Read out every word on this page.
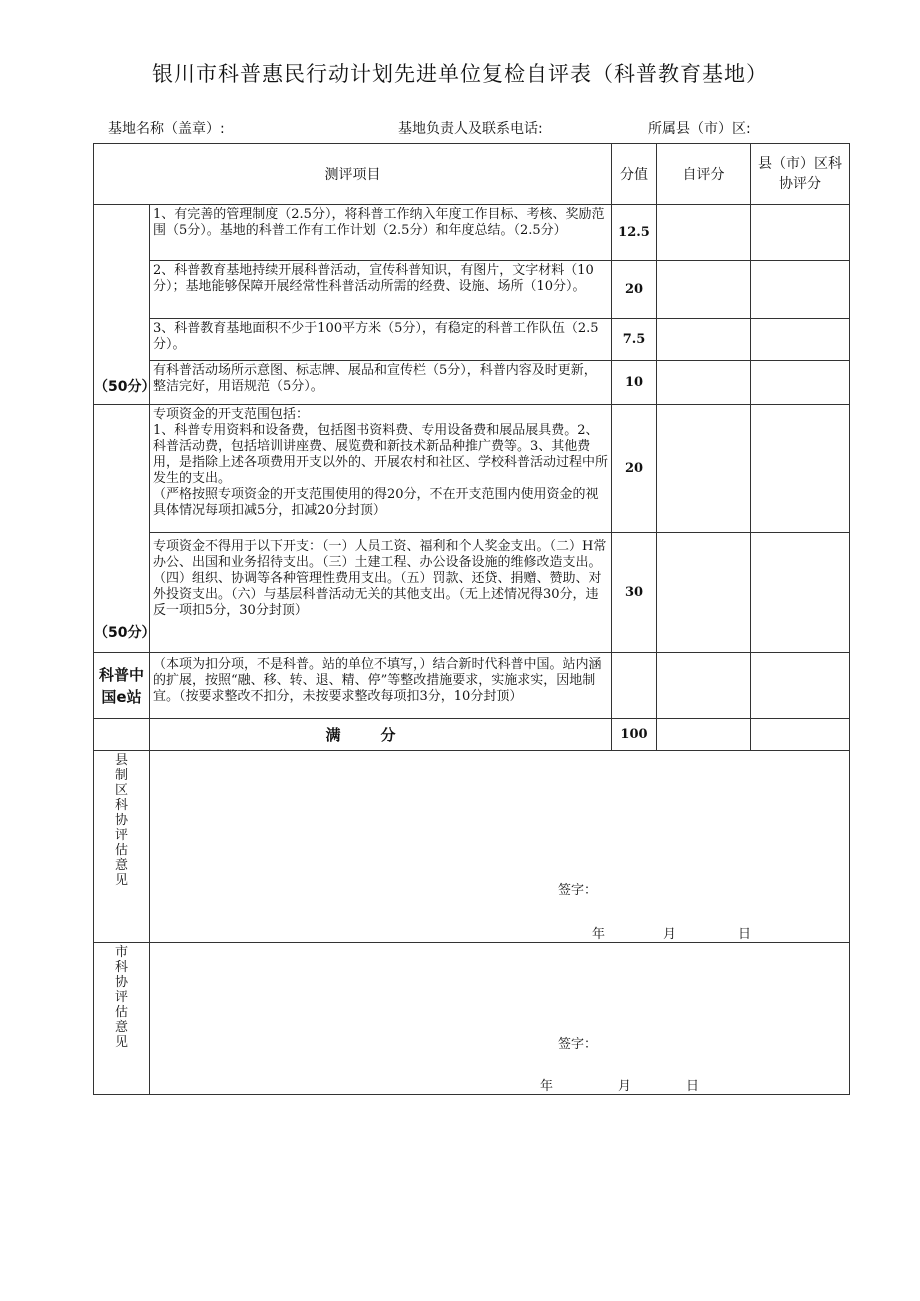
银川市科普惠民行动计划先进单位复检自评表（科普教育基地）
基地名称（盖章）:	基地负责人及联系电话:	所属县（市）区:
测评项目		分值	自评分	县（市）区科协评分
（50分）	1、有完善的管理制度（2.5分），将科普工作纳入年度工作目标、考核、奖励范围（5分）。基地的科普工作有工作计划（2.5分）和年度总结。（2.5分）	12.5		
	2、科普教育基地持续开展科普活动，宣传科普知识，有图片，文字材料（10分）；基地能够保障开展经常性科普活动所需的经费、设施、场所（10分）。	20		
	3、科普教育基地面积不少于100平方米（5分），有稳定的科普工作队伍（2.5分）。	7.5		
	有科普活动场所示意图、标志牌、展品和宣传栏（5分），科普内容及时更新，整洁完好，用语规范（5分）。	10		
（50分）	专项资金的开支范围包括：
1、科普专用资料和设备费，包括图书资料费、专用设备费和展品展具费。2、科普活动费，包括培训讲座费、展览费和新技术新品种推广费等。3、其他费用，是指除上述各项费用开支以外的、开展农村和社区、学校科普活动过程中所发生的支出。
（严格按照专项资金的开支范围使用的得20分，不在开支范围内使用资金的视具体情况每项扣减5分，扣减20分封顶）	20		
	专项资金不得用于以下开支：（一）人员工资、福利和个人奖金支出。（二）H常办公、出国和业务招待支出。（三）土建工程、办公设备设施的维修改造支出。（四）组织、协调等各种管理性费用支出。（五）罚款、还贷、捐赠、赞助、对外投资支出。（六）与基层科普活动无关的其他支出。（无上述情况得30分，违反一项扣5分，30分封顶）	30		
科普中国e站	（本项为扣分项，不是科普。站的单位不填写，）结合新时代科普中国。站内涵的扩展，按照“融、移、转、退、精、停”等整改措施要求，实施求实，因地制宜。（按要求整改不扣分，未按要求整改每项扣3分，10分封顶）			
	满分	100		
县制区科协评估意见	签字：
年 月 日			

市科协评估意见	签字：
年 月 日			
